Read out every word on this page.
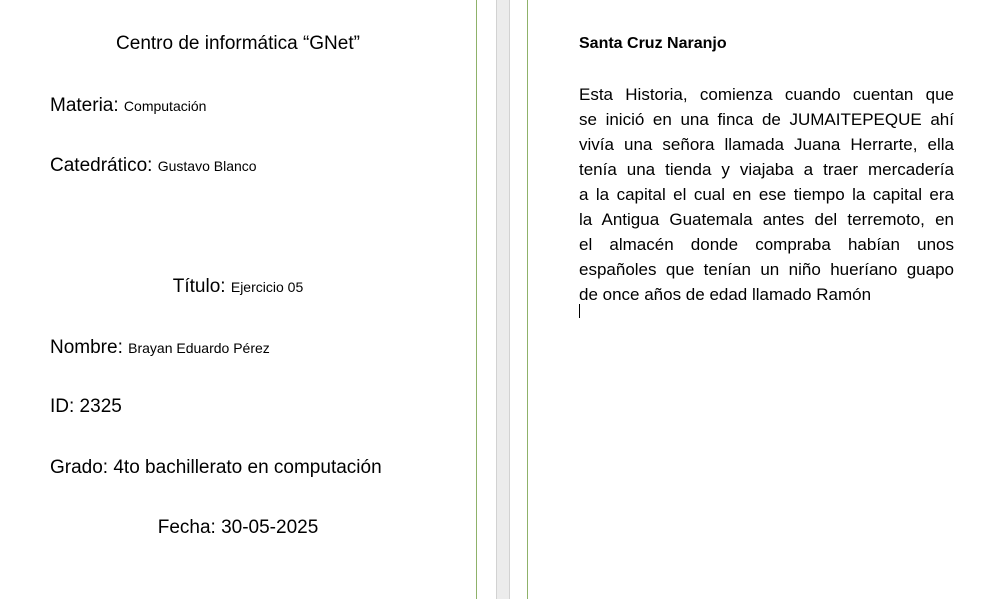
Centro de informática “GNet”
Materia: Computación
Catedrático: Gustavo Blanco
Título: Ejercicio 05
Nombre: Brayan Eduardo Pérez
ID: 2325
Grado: 4to bachillerato en computación
Fecha: 30-05-2025
Santa Cruz Naranjo
Esta Historia, comienza cuando cuentan que
se inició en una finca de JUMAITEPEQUE ahí
vivía una señora llamada Juana Herrarte, ella
tenía una tienda y viajaba a traer mercadería
a la capital el cual en ese tiempo la capital era
la Antigua Guatemala antes del terremoto, en
el almacén donde compraba habían unos
españoles que tenían un niño hueríano guapo
de once años de edad llamado Ramón
